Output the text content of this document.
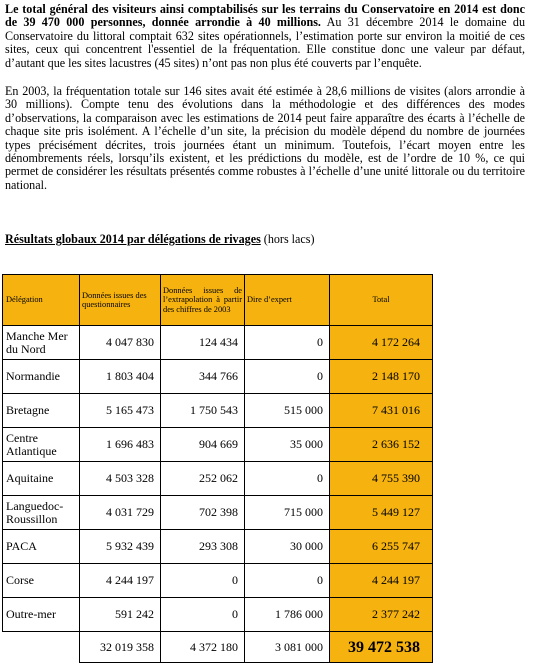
Le total général des visiteurs ainsi comptabilisés sur les terrains du Conservatoire en 2014 est donc de 39 470 000 personnes, donnée arrondie à 40 millions. Au 31 décembre 2014 le domaine du Conservatoire du littoral comptait 632 sites opérationnels, l’estimation porte sur environ la moitié de ces sites, ceux qui concentrent l'essentiel de la fréquentation. Elle constitue donc une valeur par défaut, d’autant que les sites lacustres (45 sites) n’ont pas non plus été couverts par l’enquête.

En 2003, la fréquentation totale sur 146 sites avait été estimée à 28,6 millions de visites (alors arrondie à 30 millions). Compte tenu des évolutions dans la méthodologie et des différences des modes d’observations, la comparaison avec les estimations de 2014 peut faire apparaître des écarts à l’échelle de chaque site pris isolément. A l’échelle d’un site, la précision du modèle dépend du nombre de journées types précisément décrites, trois journées étant un minimum. Toutefois, l’écart moyen entre les dénombrements réels, lorsqu’ils existent, et les prédictions du modèle, est de l’ordre de 10 %, ce qui permet de considérer les résultats présentés comme robustes à l’échelle d’une unité littorale ou du territoire national.

Résultats globaux 2014 par délégations de rivages (hors lacs)

Délégation	Données issues des questionnaires	Données issues de l’extrapolation à partir des chiffres de 2003	Dire d’expert	Total
Manche Mer du Nord	4 047 830	124 434	0	4 172 264
Normandie	1 803 404	344 766	0	2 148 170
Bretagne	5 165 473	1 750 543	515 000	7 431 016
Centre Atlantique	1 696 483	904 669	35 000	2 636 152
Aquitaine	4 503 328	252 062	0	4 755 390
Languedoc-Roussillon	4 031 729	702 398	715 000	5 449 127
PACA	5 932 439	293 308	30 000	6 255 747
Corse	4 244 197	0	0	4 244 197
Outre-mer	591 242	0	1 786 000	2 377 242
	32 019 358	4 372 180	3 081 000	39 472 538
